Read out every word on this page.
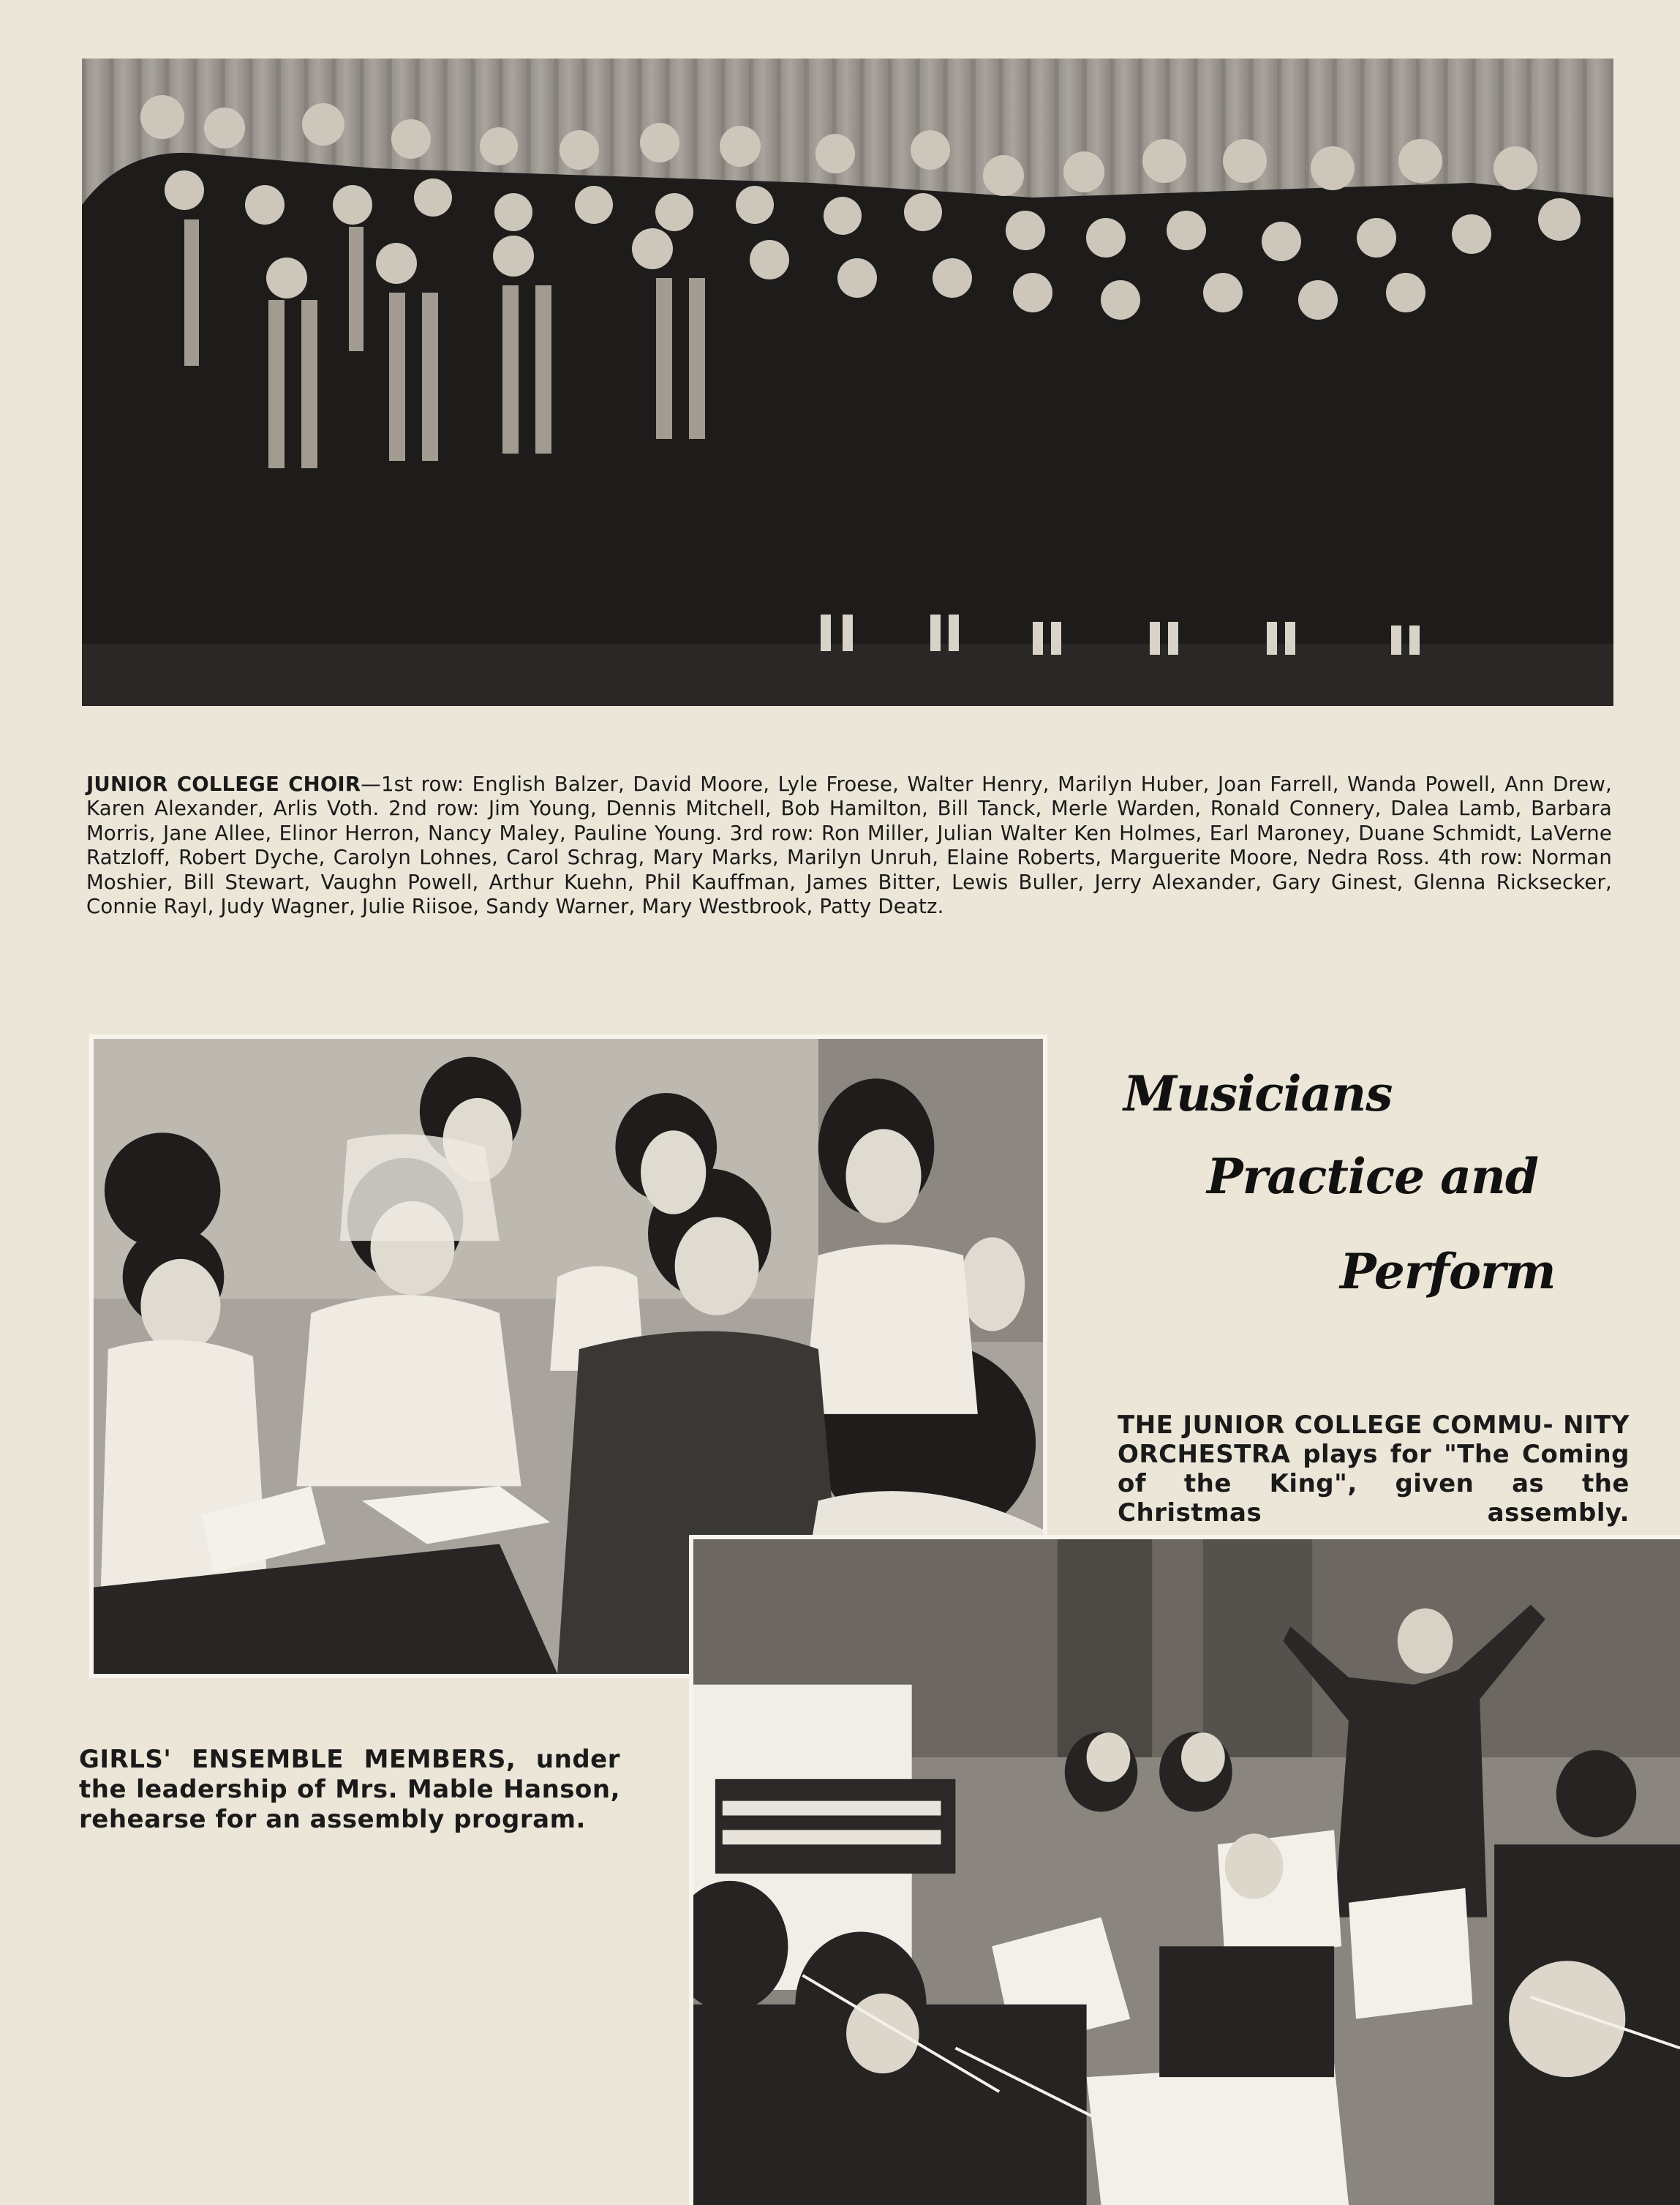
JUNIOR COLLEGE CHOIR—1st row: English Balzer, David Moore, Lyle Froese, Walter Henry, Marilyn Huber, Joan Farrell, Wanda Powell, Ann Drew, Karen Alexander, Arlis Voth. 2nd row: Jim Young, Dennis Mitchell, Bob Hamilton, Bill Tanck, Merle Warden, Ronald Connery, Dalea Lamb, Barbara Morris, Jane Allee, Elinor Herron, Nancy Maley, Pauline Young. 3rd row: Ron Miller, Julian Walter Ken Holmes, Earl Maroney, Duane Schmidt, LaVerne Ratzloff, Robert Dyche, Carolyn Lohnes, Carol Schrag, Mary Marks, Marilyn Unruh, Elaine Roberts, Marguerite Moore, Nedra Ross. 4th row: Norman Moshier, Bill Stewart, Vaughn Powell, Arthur Kuehn, Phil Kauffman, James Bitter, Lewis Buller, Jerry Alexander, Gary Ginest, Glenna Ricksecker, Connie Rayl, Judy Wagner, Julie Riisoe, Sandy Warner, Mary Westbrook, Patty Deatz.

Musicians
Practice and
Perform

THE JUNIOR COLLEGE COMMU- NITY ORCHESTRA plays for "The Coming of the King", given as the Christmas assembly.

GIRLS' ENSEMBLE MEMBERS, under the leadership of Mrs. Mable Hanson, rehearse for an assembly program.
